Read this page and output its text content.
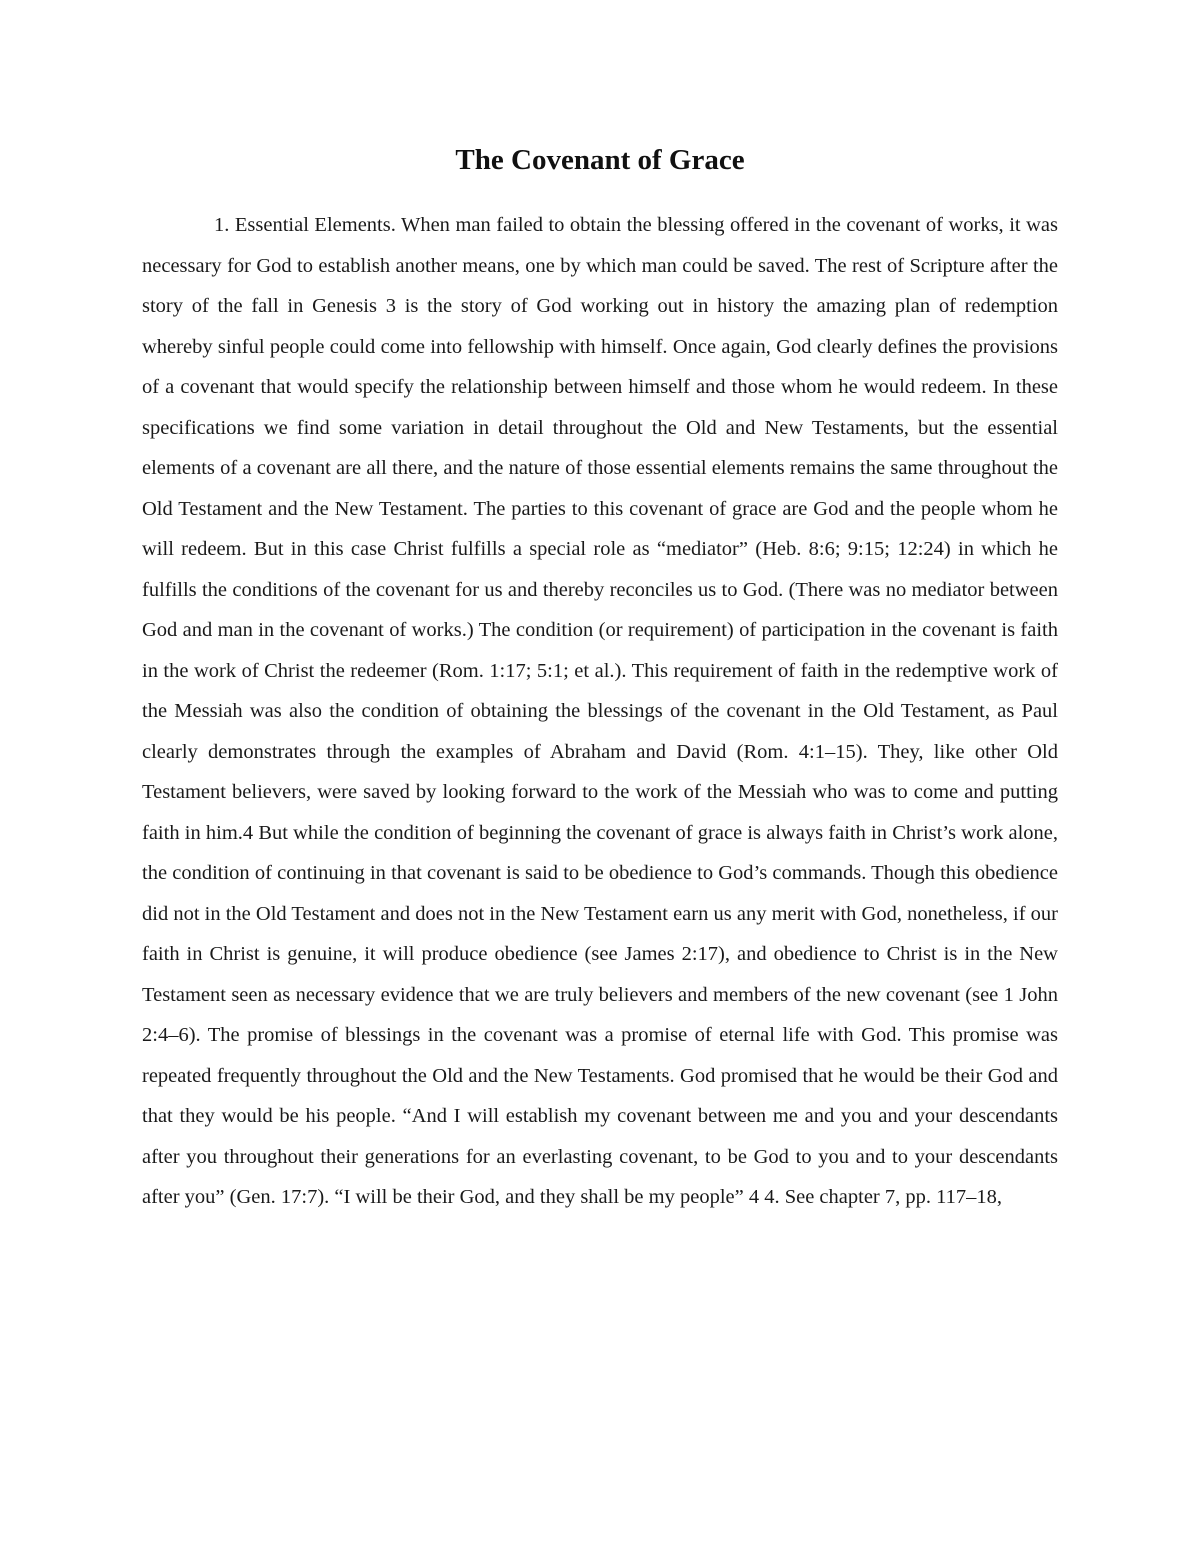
The Covenant of Grace

1. Essential Elements. When man failed to obtain the blessing offered in the covenant of works, it was necessary for God to establish another means, one by which man could be saved. The rest of Scripture after the story of the fall in Genesis 3 is the story of God working out in history the amazing plan of redemption whereby sinful people could come into fellowship with himself. Once again, God clearly defines the provisions of a covenant that would specify the relationship between himself and those whom he would redeem. In these specifications we find some variation in detail throughout the Old and New Testaments, but the essential elements of a covenant are all there, and the nature of those essential elements remains the same throughout the Old Testament and the New Testament. The parties to this covenant of grace are God and the people whom he will redeem. But in this case Christ fulfills a special role as “mediator” (Heb. 8:6; 9:15; 12:24) in which he fulfills the conditions of the covenant for us and thereby reconciles us to God. (There was no mediator between God and man in the covenant of works.) The condition (or requirement) of participation in the covenant is faith in the work of Christ the redeemer (Rom. 1:17; 5:1; et al.). This requirement of faith in the redemptive work of the Messiah was also the condition of obtaining the blessings of the covenant in the Old Testament, as Paul clearly demonstrates through the examples of Abraham and David (Rom. 4:1–15). They, like other Old Testament believers, were saved by looking forward to the work of the Messiah who was to come and putting faith in him.4 But while the condition of beginning the covenant of grace is always faith in Christ’s work alone, the condition of continuing in that covenant is said to be obedience to God’s commands. Though this obedience did not in the Old Testament and does not in the New Testament earn us any merit with God, nonetheless, if our faith in Christ is genuine, it will produce obedience (see James 2:17), and obedience to Christ is in the New Testament seen as necessary evidence that we are truly believers and members of the new covenant (see 1 John 2:4–6). The promise of blessings in the covenant was a promise of eternal life with God. This promise was repeated frequently throughout the Old and the New Testaments. God promised that he would be their God and that they would be his people. “And I will establish my covenant between me and you and your descendants after you throughout their generations for an everlasting covenant, to be God to you and to your descendants after you” (Gen. 17:7). “I will be their God, and they shall be my people” 4 4. See chapter 7, pp. 117–18,
